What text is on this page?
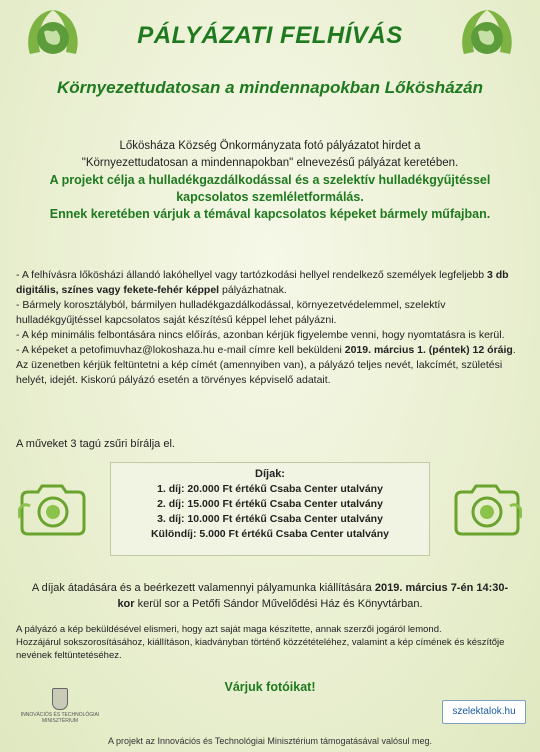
PÁLYÁZATI FELHÍVÁS
Környezettudatosan a mindennapokban Lőkösházán
Lőkösháza Község Önkormányzata fotó pályázatot hirdet a
"Környezettudatosan a mindennapokban" elnevezésű pályázat keretében.
A projekt célja a hulladékgazdálkodással és a szelektív hulladékgyűjtéssel
kapcsolatos szemléletformálás.
Ennek keretében várjuk a témával kapcsolatos képeket bármely műfajban.

- A felhívásra lőkösházi állandó lakóhellyel vagy tartózkodási hellyel rendelkező személyek legfeljebb 3 db digitális, színes vagy fekete-fehér képpel pályázhatnak.

- Bármely korosztályból, bármilyen hulladékgazdálkodással, környezetvédelemmel, szelektív hulladékgyűjtéssel kapcsolatos saját készítésű képpel lehet pályázni.

- A kép minimális felbontására nincs előírás, azonban kérjük figyelembe venni, hogy nyomtatásra is kerül.

- A képeket a petofimuvhaz@lokoshaza.hu e-mail címre kell beküldeni 2019. március 1. (péntek) 12 óráig. Az üzenetben kérjük feltüntetni a kép címét (amennyiben van), a pályázó teljes nevét, lakcímét, születési helyét, idejét. Kiskorú pályázó esetén a törvényes képviselő adatait.

A műveket 3 tagú zsűri bírálja el.
Díjak:
1. díj: 20.000 Ft értékű Csaba Center utalvány
2. díj: 15.000 Ft értékű Csaba Center utalvány
3. díj: 10.000 Ft értékű Csaba Center utalvány
Különdíj: 5.000 Ft értékű Csaba Center utalvány
A díjak átadására és a beérkezett valamennyi pályamunka kiállítására 2019. március 7-én 14:30-kor kerül sor a Petőfi Sándor Művelődési Ház és Könyvtárban.

A pályázó a kép beküldésével elismeri, hogy azt saját maga készítette, annak szerzői jogáról lemond.

Hozzájárul sokszorosításához, kiállításon, kiadványban történő közzétételéhez, valamint a kép címének és készítője nevének feltüntetéséhez.

Várjuk fotóikat!
INNOVÁCIÓS ÉS TECHNOLÓGIAI MINISZTÉRIUM
szelektalok.hu
A projekt az Innovációs és Technológiai Minisztérium támogatásával valósul meg.
